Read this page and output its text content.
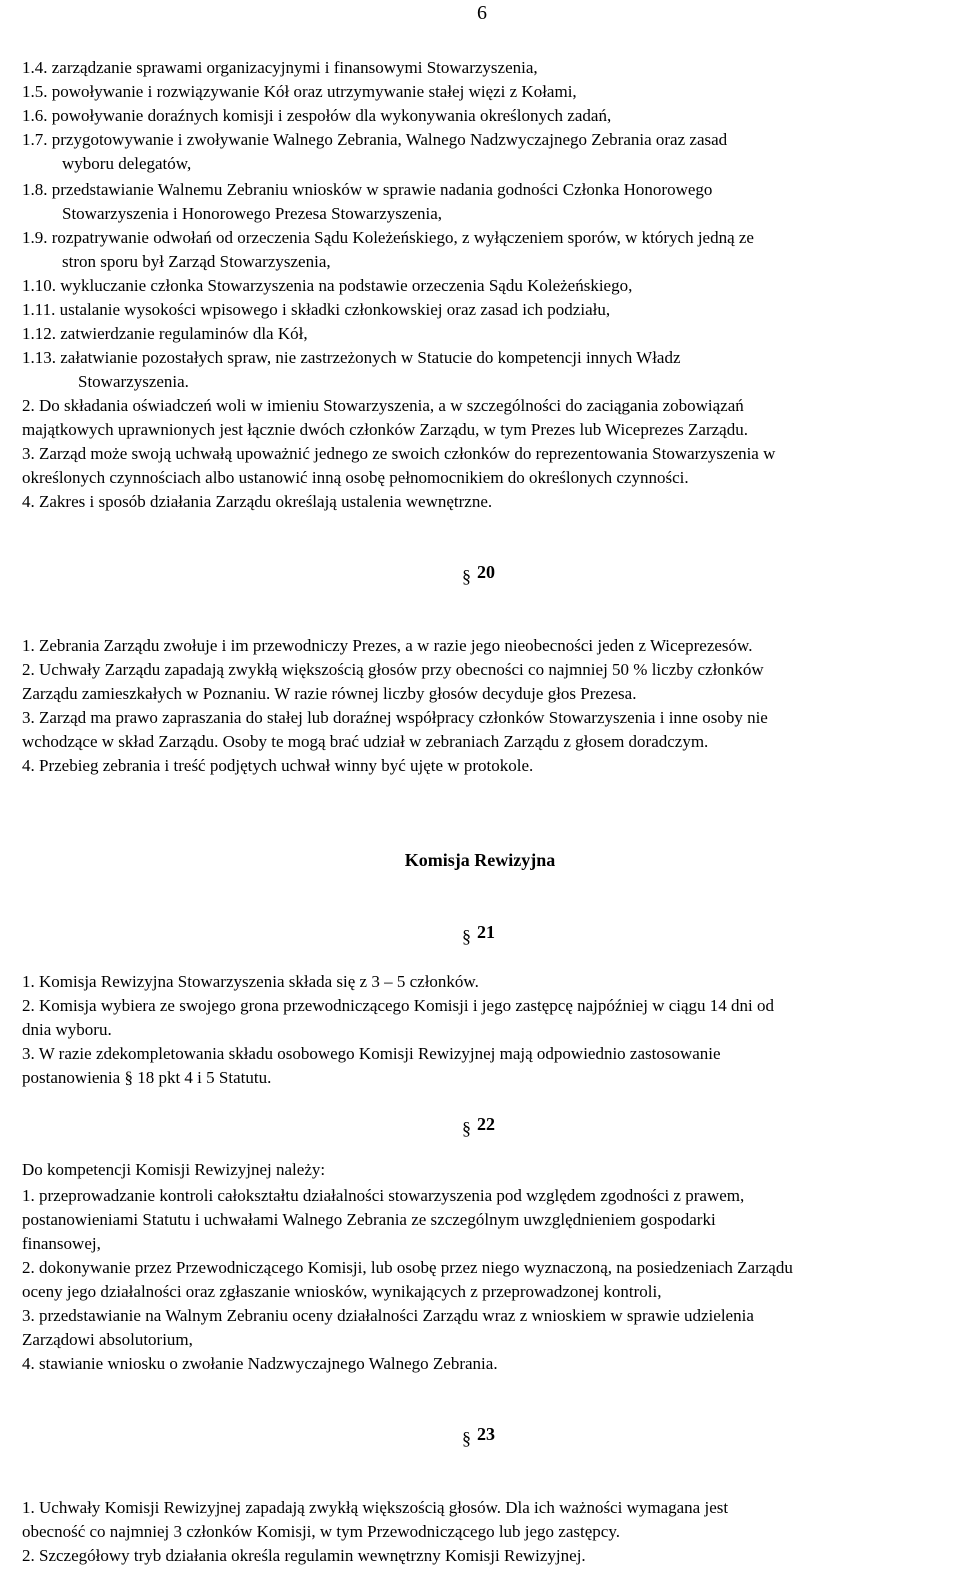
6
1.4. zarządzanie sprawami organizacyjnymi i finansowymi Stowarzyszenia,
1.5. powoływanie i rozwiązywanie Kół oraz utrzymywanie stałej więzi z Kołami,
1.6. powoływanie doraźnych komisji i zespołów dla wykonywania określonych zadań,
1.7. przygotowywanie i zwoływanie Walnego Zebrania, Walnego Nadzwyczajnego Zebrania oraz zasad
wyboru delegatów,
1.8. przedstawianie Walnemu Zebraniu wniosków w sprawie nadania godności Członka Honorowego
Stowarzyszenia i Honorowego Prezesa Stowarzyszenia,
1.9. rozpatrywanie odwołań od orzeczenia Sądu Koleżeńskiego, z wyłączeniem sporów, w których jedną ze
stron sporu był Zarząd Stowarzyszenia,
1.10. wykluczanie członka Stowarzyszenia na podstawie orzeczenia Sądu Koleżeńskiego,
1.11. ustalanie wysokości wpisowego i składki członkowskiej oraz zasad ich podziału,
1.12. zatwierdzanie regulaminów dla Kół,
1.13. załatwianie pozostałych spraw, nie zastrzeżonych w Statucie do kompetencji innych Władz
Stowarzyszenia.
2. Do składania oświadczeń woli w imieniu Stowarzyszenia, a w szczególności do zaciągania zobowiązań
majątkowych uprawnionych jest łącznie dwóch członków Zarządu, w tym Prezes lub Wiceprezes Zarządu.
3. Zarząd może swoją uchwałą upoważnić jednego ze swoich członków do reprezentowania Stowarzyszenia w
określonych czynnościach albo ustanowić inną osobę pełnomocnikiem do określonych czynności.
4. Zakres i sposób działania Zarządu określają ustalenia wewnętrzne.
§ 20
1. Zebrania Zarządu zwołuje i im przewodniczy Prezes, a w razie jego nieobecności jeden z Wiceprezesów.
2. Uchwały Zarządu zapadają zwykłą większością głosów przy obecności co najmniej 50 % liczby członków
Zarządu zamieszkałych w Poznaniu. W razie równej liczby głosów decyduje głos Prezesa.
3. Zarząd ma prawo zapraszania do stałej lub doraźnej współpracy członków Stowarzyszenia i inne osoby nie
wchodzące w skład Zarządu. Osoby te mogą brać udział w zebraniach Zarządu z głosem doradczym.
4. Przebieg zebrania i treść podjętych uchwał winny być ujęte w protokole.
Komisja Rewizyjna
§ 21
1. Komisja Rewizyjna Stowarzyszenia składa się z 3 – 5 członków.
2. Komisja wybiera ze swojego grona przewodniczącego Komisji i jego zastępcę najpóźniej w ciągu 14 dni od
dnia wyboru.
3. W razie zdekompletowania składu osobowego Komisji Rewizyjnej mają odpowiednio zastosowanie
postanowienia § 18 pkt 4 i 5 Statutu.
§ 22
Do kompetencji Komisji Rewizyjnej należy:
1. przeprowadzanie kontroli całokształtu działalności stowarzyszenia pod względem zgodności z prawem,
postanowieniami Statutu i uchwałami Walnego Zebrania ze szczególnym uwzględnieniem gospodarki
finansowej,
2. dokonywanie przez Przewodniczącego Komisji, lub osobę przez niego wyznaczoną, na posiedzeniach Zarządu
oceny jego działalności oraz zgłaszanie wniosków, wynikających z przeprowadzonej kontroli,
3. przedstawianie na Walnym Zebraniu oceny działalności Zarządu wraz z wnioskiem w sprawie udzielenia
Zarządowi absolutorium,
4. stawianie wniosku o zwołanie Nadzwyczajnego Walnego Zebrania.
§ 23
1. Uchwały Komisji Rewizyjnej zapadają zwykłą większością głosów. Dla ich ważności wymagana jest
obecność co najmniej 3 członków Komisji, w tym Przewodniczącego lub jego zastępcy.
2. Szczegółowy tryb działania określa regulamin wewnętrzny Komisji Rewizyjnej.
